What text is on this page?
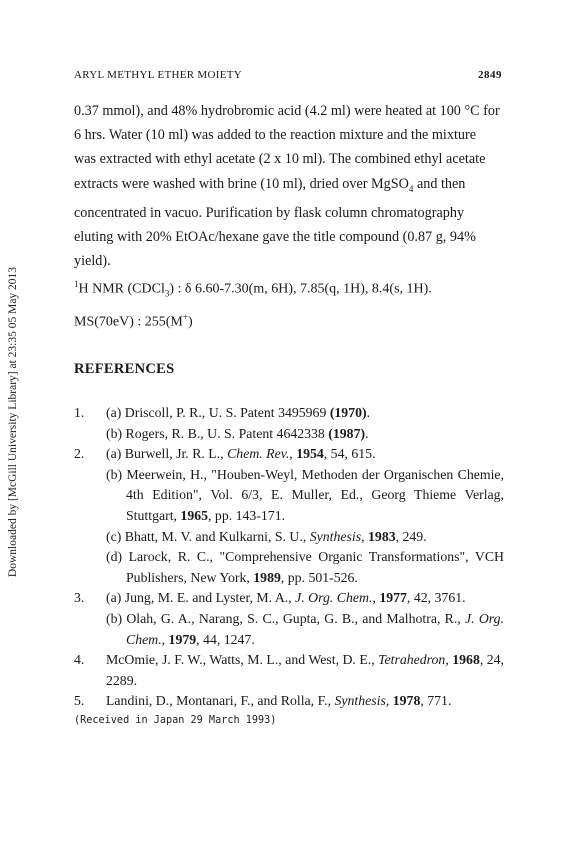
ARYL METHYL ETHER MOIETY	2849
Downloaded by [McGill University Library] at 23:35 05 May 2013
0.37 mmol), and 48% hydrobromic acid (4.2 ml) were heated at 100 °C for
6 hrs. Water (10 ml) was added to the reaction mixture and the mixture
was extracted with ethyl acetate (2 x 10 ml). The combined ethyl acetate
extracts were washed with brine (10 ml), dried over MgSO$_4$ and then
concentrated in vacuo. Purification by flask column chromatography
eluting with 20% EtOAc/hexane gave the title compound (0.87 g, 94%
yield).
$^1$H NMR (CDCl$_3$) : δ 6.60-7.30(m, 6H), 7.85(q, 1H), 8.4(s, 1H).
MS(70eV) : 255(M+)
REFERENCES
1. (a) Driscoll, P. R., U. S. Patent 3495969 (1970).
(b) Rogers, R. B., U. S. Patent 4642338 (1987).
2. (a) Burwell, Jr. R. L., Chem. Rev., 1954, 54, 615.
(b) Meerwein, H., "Houben-Weyl, Methoden der Organischen Chemie, 4th Edition", Vol. 6/3, E. Muller, Ed., Georg Thieme Verlag, Stuttgart, 1965, pp. 143-171.
(c) Bhatt, M. V. and Kulkarni, S. U., Synthesis, 1983, 249.
(d) Larock, R. C., "Comprehensive Organic Transformations", VCH Publishers, New York, 1989, pp. 501-526.
3. (a) Jung, M. E. and Lyster, M. A., J. Org. Chem., 1977, 42, 3761.
(b) Olah, G. A., Narang, S. C., Gupta, G. B., and Malhotra, R., J. Org. Chem., 1979, 44, 1247.
4. McOmie, J. F. W., Watts, M. L., and West, D. E., Tetrahedron, 1968, 24, 2289.
5. Landini, D., Montanari, F., and Rolla, F., Synthesis, 1978, 771.
(Received in Japan 29 March 1993)
